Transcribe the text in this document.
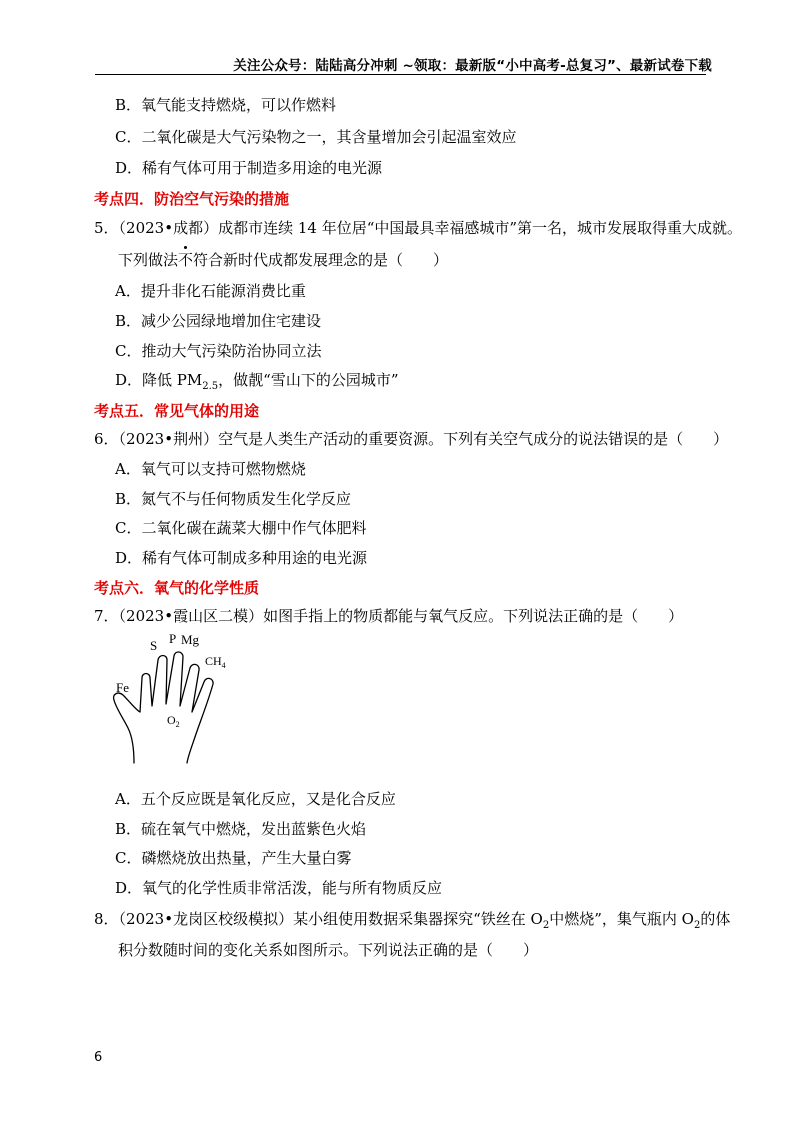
关注公众号：陆陆高分冲刺 ~领取：最新版“小中高考-总复习”、最新试卷下载
B．氧气能支持燃烧，可以作燃料
C．二氧化碳是大气污染物之一，其含量增加会引起温室效应
D．稀有气体可用于制造多用途的电光源
考点四．防治空气污染的措施
5．（2023•成都）成都市连续 14 年位居“中国最具幸福感城市”第一名，城市发展取得重大成就。
下列做法不符合新时代成都发展理念的是（　　）
A．提升非化石能源消费比重
B．减少公园绿地增加住宅建设
C．推动大气污染防治协同立法
D．降低 $PM_{2.5}$，做靓“雪山下的公园城市”
考点五．常见气体的用途
6．（2023•荆州）空气是人类生产活动的重要资源。下列有关空气成分的说法错误的是（　　）
A．氧气可以支持可燃物燃烧
B．氮气不与任何物质发生化学反应
C．二氧化碳在蔬菜大棚中作气体肥料
D．稀有气体可制成多种用途的电光源
考点六．氧气的化学性质
7．（2023•霞山区二模）如图手指上的物质都能与氧气反应。下列说法正确的是（　　）
S P Mg
$CH_4$
Fe
$O_2$
A．五个反应既是氧化反应，又是化合反应
B．硫在氧气中燃烧，发出蓝紫色火焰
C．磷燃烧放出热量，产生大量白雾
D．氧气的化学性质非常活泼，能与所有物质反应
8．（2023•龙岗区校级模拟）某小组使用数据采集器探究“铁丝在 $O_2$中燃烧”，集气瓶内 $O_2$的体
积分数随时间的变化关系如图所示。下列说法正确的是（　　）
6
